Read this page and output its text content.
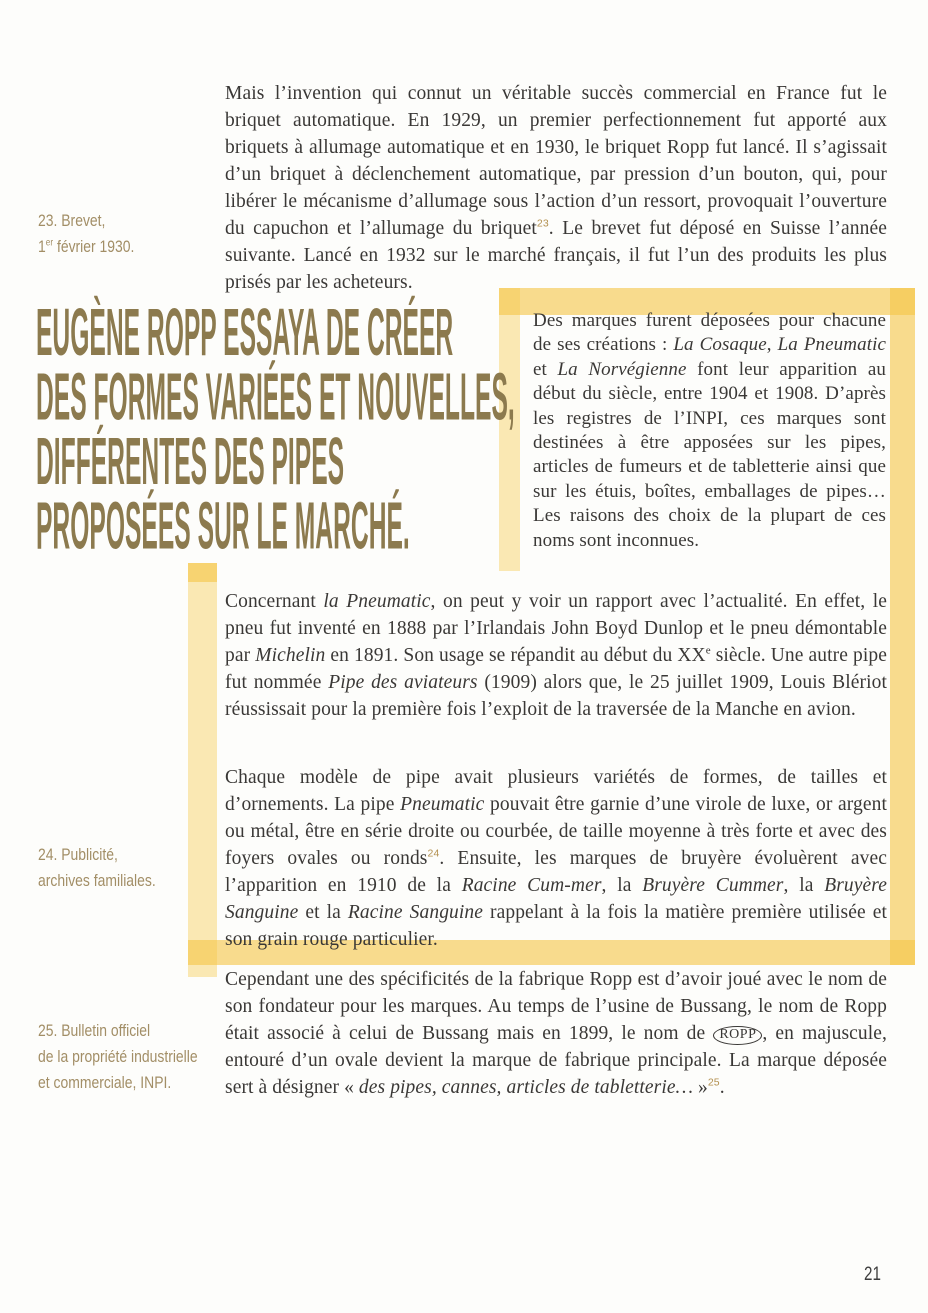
23. Brevet,
1er février 1930.
24. Publicité,
archives familiales.
25. Bulletin officiel
de la propriété industrielle
et commerciale, INPI.
EUGÈNE ROPP ESSAYA DE CRÉER
DES FORMES VARIÉES ET NOUVELLES,
DIFFÉRENTES DES PIPES
PROPOSÉES SUR LE MARCHÉ.
Mais l’invention qui connut un véritable succès commercial en France fut le briquet automatique. En 1929, un premier perfectionnement fut apporté aux briquets à allumage automatique et en 1930, le briquet Ropp fut lancé. Il s’agissait d’un briquet à déclenchement automatique, par pression d’un bouton, qui, pour libérer le mécanisme d’allumage sous l’action d’un ressort, provoquait l’ouverture du capuchon et l’allumage du briquet$^{23}$. Le brevet fut déposé en Suisse l’année suivante. Lancé en 1932 sur le marché français, il fut l’un des produits les plus prisés par les acheteurs.
Des marques furent déposées pour chacune de ses créations : La Cosaque, La Pneumatic et La Norvégienne font leur apparition au début du siècle, entre 1904 et 1908. D’après les registres de l’INPI, ces marques sont destinées à être apposées sur les pipes, articles de fumeurs et de tabletterie ainsi que sur les étuis, boîtes, emballages de pipes… Les raisons des choix de la plupart de ces noms sont inconnues.
Concernant la Pneumatic, on peut y voir un rapport avec l’actualité. En effet, le pneu fut inventé en 1888 par l’Irlandais John Boyd Dunlop et le pneu démontable par Michelin en 1891. Son usage se répandit au début du XXe siècle. Une autre pipe fut nommée Pipe des aviateurs (1909) alors que, le 25 juillet 1909, Louis Blériot réussissait pour la première fois l’exploit de la traversée de la Manche en avion.
Chaque modèle de pipe avait plusieurs variétés de formes, de tailles et d’ornements. La pipe Pneumatic pouvait être garnie d’une virole de luxe, or argent ou métal, être en série droite ou courbée, de taille moyenne à très forte et avec des foyers ovales ou ronds$^{24}$. Ensuite, les marques de bruyère évoluèrent avec l’apparition en 1910 de la Racine Cum-mer, la Bruyère Cummer, la Bruyère Sanguine et la Racine Sanguine rappelant à la fois la matière première utilisée et son grain rouge particulier.
Cependant une des spécificités de la fabrique Ropp est d’avoir joué avec le nom de son fondateur pour les marques. Au temps de l’usine de Bussang, le nom de Ropp était associé à celui de Bussang mais en 1899, le nom de ROPP , en majuscule, entouré d’un ovale devient la marque de fabrique principale. La marque déposée sert à désigner « des pipes, cannes, articles de tabletterie… »$^{25}$.
21
